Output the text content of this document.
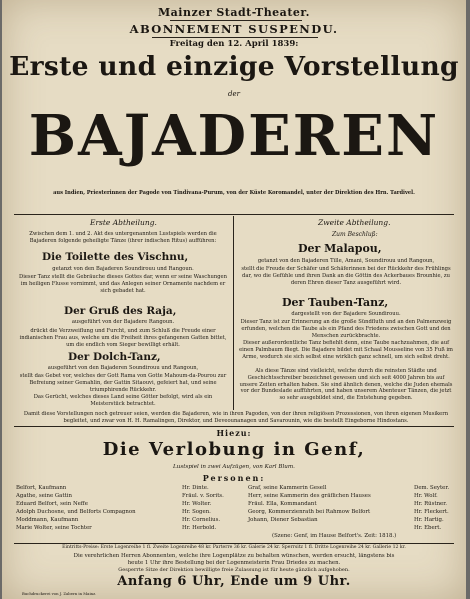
Mainzer Stadt-Theater.
ABONNEMENT SUSPENDU.
Freitag den 12. April 1839:
Erste und einzige Vorstellung
der
BAJADEREN
aus Indien, Priesterinnen der Pagode von Tindivana-Purum, von der Küste Koromandel, unter der Direktion des Hrn. Tardivel.
Erste Abtheilung.
Zwischen dem 1. und 2. Akt des untergenannten Lustspiels werden die Bajaderen folgende geheiligte Tänze (ihrer indischen Ritus) aufführen:
Die Toilette des Vischnu,
getanzt von den Bajaderen Soundirouu und Rangoun.
Dieser Tanz stellt die Gebräuche dieses Gottes dar, wenn er seine Waschungen im heiligen Flusse vornimmt, und das Anlegen seiner Ornamente nachdem er sich gebadet hat.
Der Gruß des Raja,
ausgeführt von der Bajadere Rangoun.
drückt die Verzweiflung und Furcht, und zum Schluß die Freude einer indianischen Frau aus, welche um die Freiheit ihres gefangenen Gatten bittet, um die endlich vom Sieger bewilligt erhält.
Der Dolch-Tanz,
ausgeführt von den Bajaderen Soundirouu und Rangoun,
stellt das Gebet vor, welches der Gott Rama von Gotte Mahoum-da-Pourou zur Befreiung seiner Gemahlin, der Gattin Sitaouvi, gefeiert hat, und seine triumphirende Rückkehr.
Das Gerücht, welches dieses Land seine Götter befolgt, wird als ein Meisterstück betrachtet.
Zweite Abtheilung.
Zum Beschluß:
Der Malapou,
getanzt von den Bajaderen Tille, Amani, Soundirouu und Rangoun,
stellt die Freude der Schäfer und Schäferinnen bei der Rückkehr des Frühlings dar, wo die Gefühle und ihren Dank an die Göttin des Ackerbaues Brounhie, zu deren Ehren dieser Tanz ausgeführt wird.
Der Tauben-Tanz,
dargestellt von der Bajadere Soundirouu.
Dieser Tanz ist zur Erinnerung an die große Sündfluth und an den Palmenzweig erfunden, welchen die Taube als ein Pfand des Friedens zwischen Gott und den Menschen zurückbrachte.
Dieser außerordentliche Tanz befiehlt denn, eine Taube nachzuahmen, die auf einen Palmbaum fliegt. Die Bajadere bildet mit Schaal Mousseline von 35 Fuß im Arme, wodurch sie sich selbst eine wirklich ganz schnell, um sich selbst dreht.
Als diese Tänze sind vielleicht, welche durch die reinsten Städte und Geschichtsschreiber bezeichnet gewesen und sich seit 4000 Jahren bis auf unsere Zeiten erhalten haben. Sie sind ähnlich denen, welche die Juden ehemals vor der Bundeslade aufführten, und haben unserem Abenteuer Tänzen, die jetzt so sehr ausgebildet sind, die Entstehung gegeben.
Damit diese Vorstellungen noch getreuer seien, werden die Bajaderen, wie in ihren Pagoden, von der ihren religiösen Prozessionen, von ihren eigenen Musikern begleitet, und zwar von H. H. Ramalingen, Direktor, und Deveounanagen und Savarounin, wie die bestellt Eingeborne Hindostans.
Hiezu:
Die Verlobung in Genf,
Lustspiel in zwei Aufzügen, von Karl Blum.
Personen:
Belfort, Kaufmann	Hr. Dinte.
Agathe, seine Gattin	Fräul. v. Sorits.
Eduard Belfort, sein Neffe	Hr. Wolter.
Adolph Duchosne, und Belforts Compagnon	Hr. Sogen.
Moddmann, Kaufmann	Hr. Cornelius.
Marie Wolter, seine Tochter	Hr. Herbold.
Graf, seine Kammerin Gesell	Dem. Seyter.
Herr, seine Kammerin des gräflichen Hauses	Hr. Wolf.
Fräul. Ella, Kommandant	Hr. Rüstner.
Georg, Kommerzienrath bei Rahmow Belfort	Hr. Fleckert.
Johann, Diener Sebastian	Hr. Hartig.
Hr. Ebert.
(Szene: Genf, im Hause Belfort's. Zeit: 1818.)
Eintritts-Preise: Erste Logenreihe 1 fl. Zweite Logenreihe 48 kr. Parterre 36 kr. Galerie 24 kr. Sperrsitz 1 fl. Dritte Logenreihe 24 kr. Gallerie 12 kr.
Die verehrlichen Herren Abonnenten, welche ihre Logenplätze zu behalten wünschen, werden ersucht, längstens bis
heute 1 Uhr ihre Bestellung bei der Logenmeisterin Frau Driedes zu machen.
Gesperrte Sitze der Direktion bewilligte freie Zulassung ist für heute gänzlich aufgehoben.
Anfang 6 Uhr, Ende um 9 Uhr.
Buchdruckerei von J. Zabern in Mainz.
